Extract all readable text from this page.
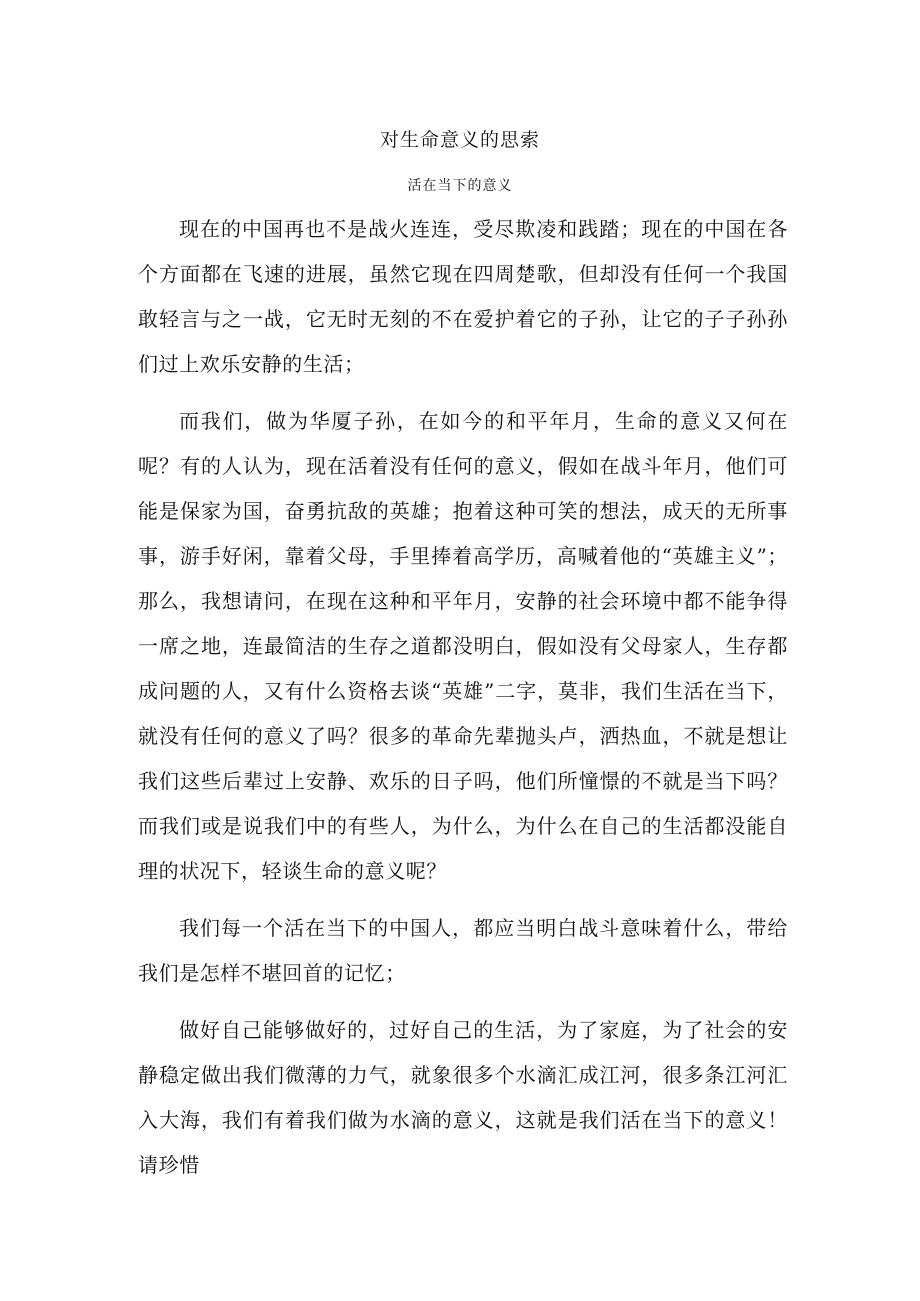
对生命意义的思索
活在当下的意义

现在的中国再也不是战火连连，受尽欺凌和践踏；现在的中国在各个方面都在飞速的进展，虽然它现在四周楚歌，但却没有任何一个我国敢轻言与之一战，它无时无刻的不在爱护着它的子孙，让它的子子孙孙们过上欢乐安静的生活；

而我们，做为华厦子孙，在如今的和平年月，生命的意义又何在呢？有的人认为，现在活着没有任何的意义，假如在战斗年月，他们可能是保家为国，奋勇抗敌的英雄；抱着这种可笑的想法，成天的无所事事，游手好闲，靠着父母，手里捧着高学历，高喊着他的“英雄主义”；那么，我想请问，在现在这种和平年月，安静的社会环境中都不能争得一席之地，连最简洁的生存之道都没明白，假如没有父母家人，生存都成问题的人，又有什么资格去谈“英雄”二字，莫非，我们生活在当下，就没有任何的意义了吗？很多的革命先辈抛头卢，洒热血，不就是想让我们这些后辈过上安静、欢乐的日子吗，他们所憧憬的不就是当下吗？而我们或是说我们中的有些人，为什么，为什么在自己的生活都没能自理的状况下，轻谈生命的意义呢？

我们每一个活在当下的中国人，都应当明白战斗意味着什么，带给我们是怎样不堪回首的记忆；

做好自己能够做好的，过好自己的生活，为了家庭，为了社会的安静稳定做出我们微薄的力气，就象很多个水滴汇成江河，很多条江河汇入大海，我们有着我们做为水滴的意义，这就是我们活在当下的意义！请珍惜
